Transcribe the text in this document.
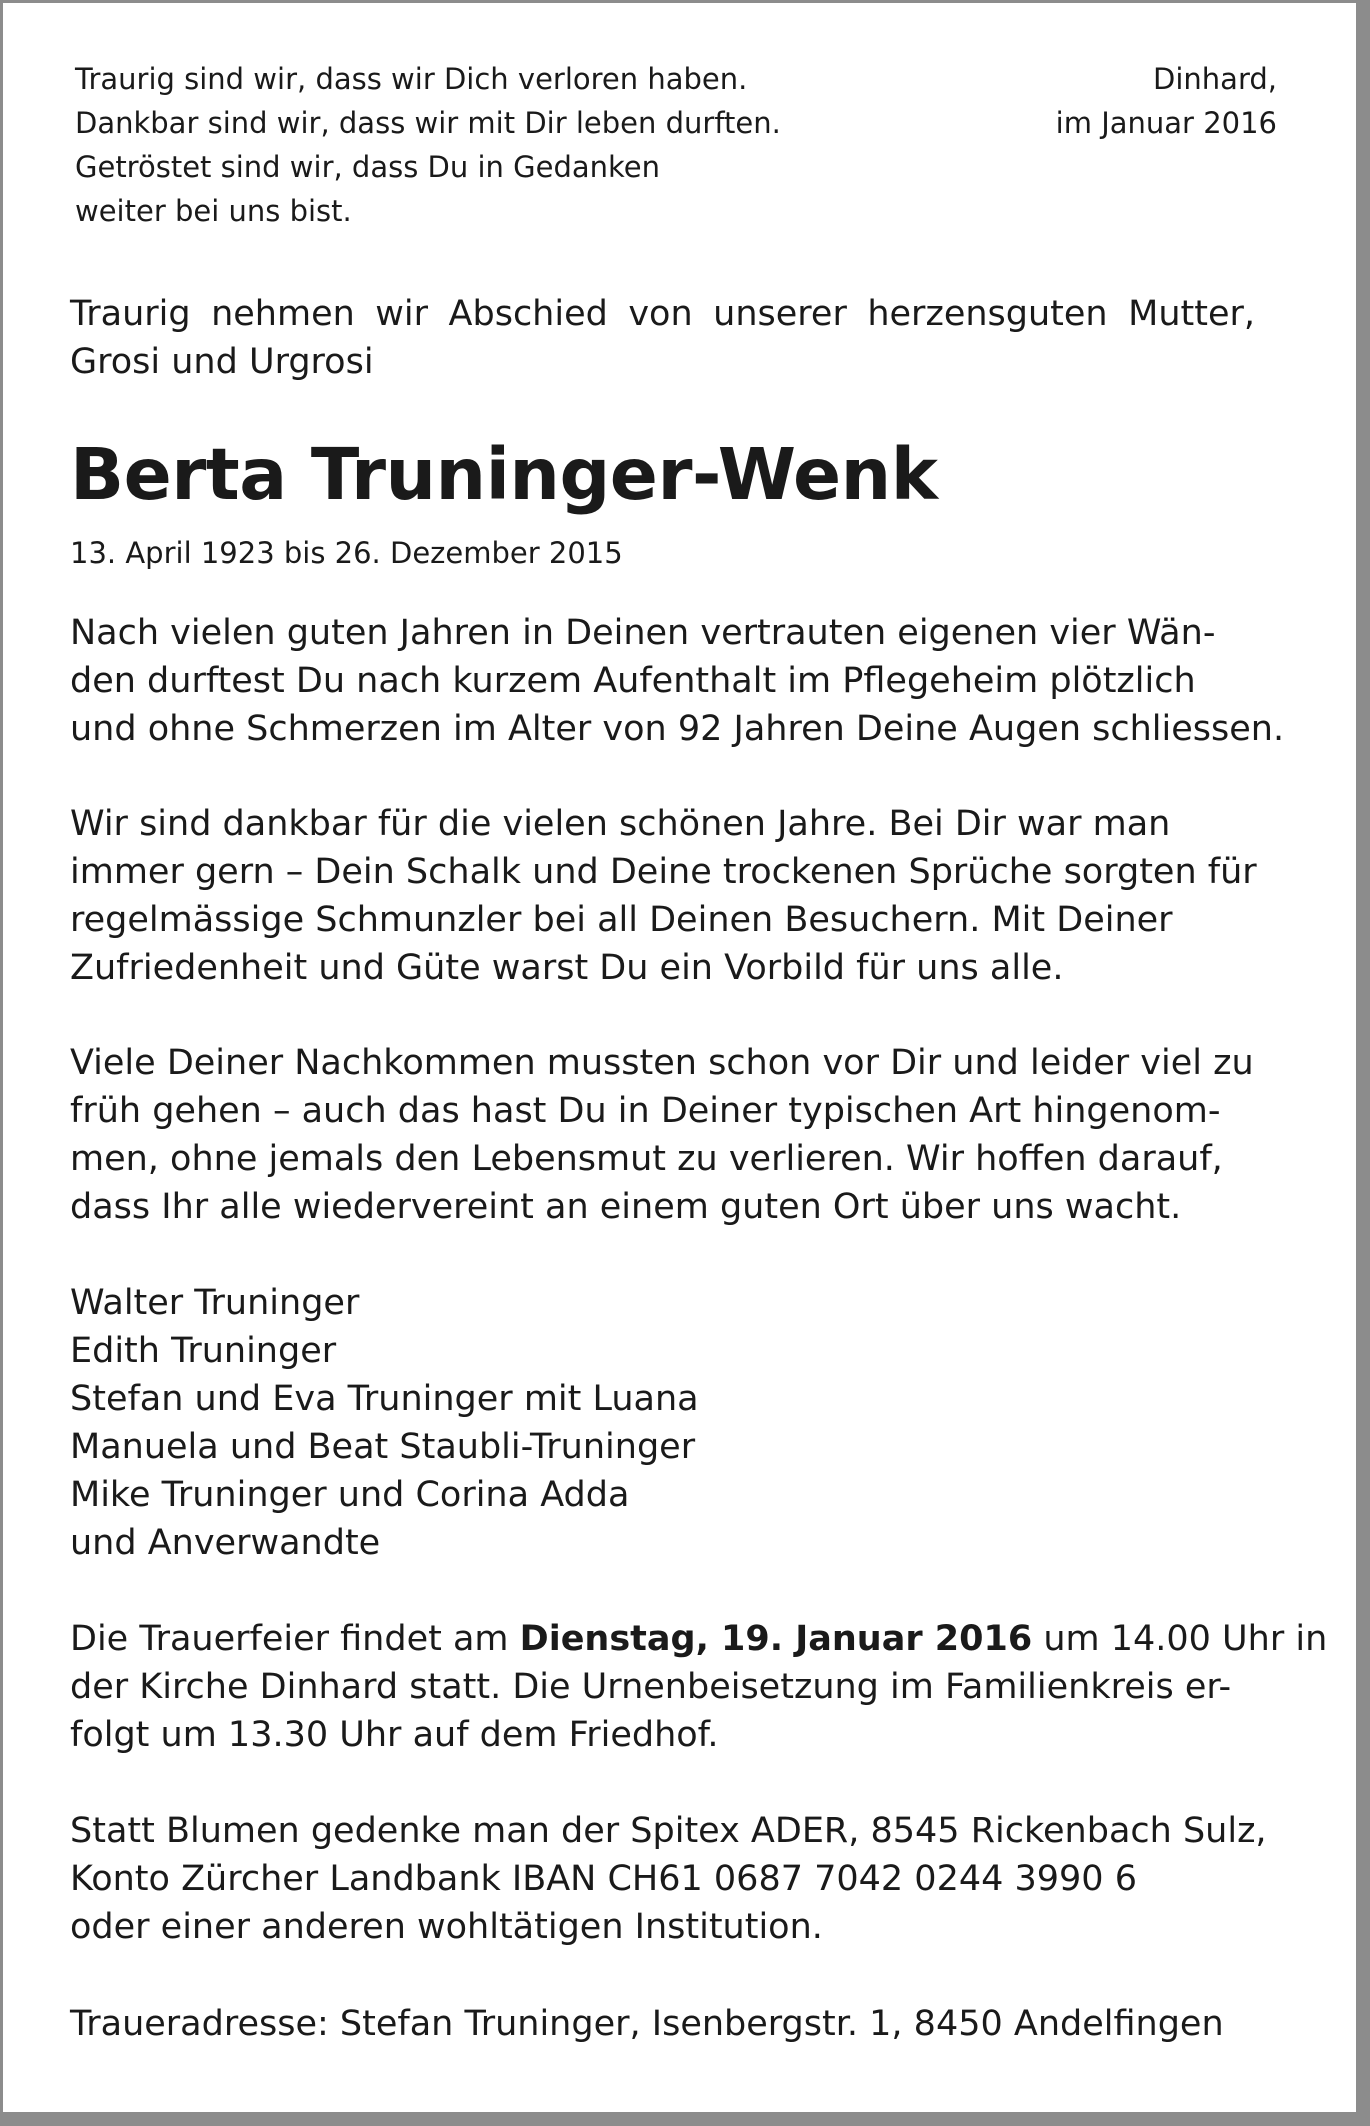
Traurig sind wir, dass wir Dich verloren haben.
Dankbar sind wir, dass wir mit Dir leben durften.
Getröstet sind wir, dass Du in Gedanken
weiter bei uns bist.
Dinhard,
im Januar 2016
Traurig nehmen wir Abschied von unserer herzensguten Mutter,
Grosi und Urgrosi
Berta Truninger-Wenk
13. April 1923 bis 26. Dezember 2015
Nach vielen guten Jahren in Deinen vertrauten eigenen vier Wän-
den durftest Du nach kurzem Aufenthalt im Pflegeheim plötzlich
und ohne Schmerzen im Alter von 92 Jahren Deine Augen schliessen.
Wir sind dankbar für die vielen schönen Jahre. Bei Dir war man
immer gern – Dein Schalk und Deine trockenen Sprüche sorgten für
regelmässige Schmunzler bei all Deinen Besuchern. Mit Deiner
Zufriedenheit und Güte warst Du ein Vorbild für uns alle.
Viele Deiner Nachkommen mussten schon vor Dir und leider viel zu
früh gehen – auch das hast Du in Deiner typischen Art hingenom-
men, ohne jemals den Lebensmut zu verlieren. Wir hoffen darauf,
dass Ihr alle wiedervereint an einem guten Ort über uns wacht.
Walter Truninger
Edith Truninger
Stefan und Eva Truninger mit Luana
Manuela und Beat Staubli-Truninger
Mike Truninger und Corina Adda
und Anverwandte
Die Trauerfeier findet am Dienstag, 19. Januar 2016 um 14.00 Uhr in
der Kirche Dinhard statt. Die Urnenbeisetzung im Familienkreis er-
folgt um 13.30 Uhr auf dem Friedhof.
Statt Blumen gedenke man der Spitex ADER, 8545 Rickenbach Sulz,
Konto Zürcher Landbank IBAN CH61 0687 7042 0244 3990 6
oder einer anderen wohltätigen Institution.
Traueradresse: Stefan Truninger, Isenbergstr. 1, 8450 Andelfingen
